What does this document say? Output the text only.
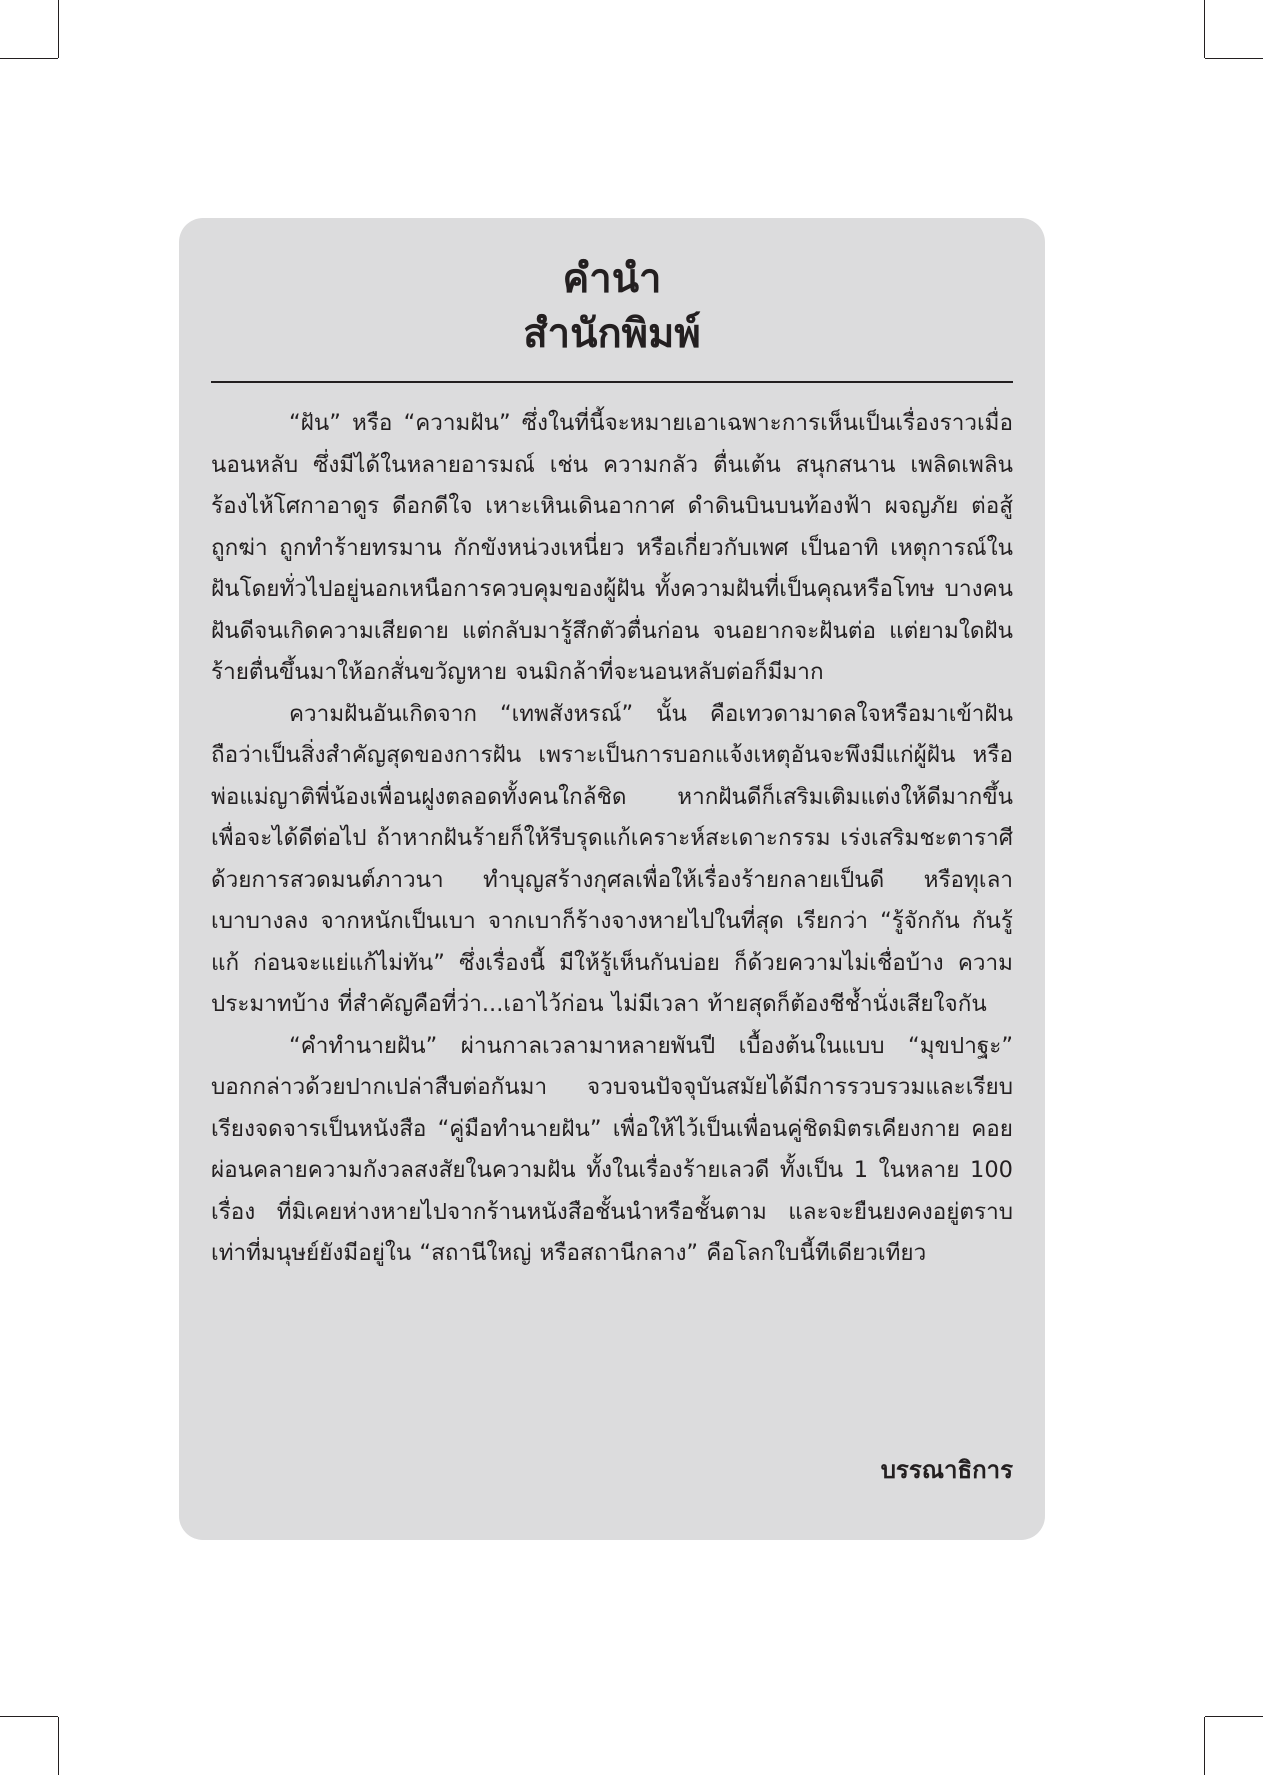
คำนำ
สำนักพิมพ์

“ฝัน” หรือ “ความฝัน” ซึ่งในที่นี้จะหมายเอาเฉพาะการเห็นเป็นเรื่องราวเมื่อนอนหลับ ซึ่งมีได้ในหลายอารมณ์ เช่น ความกลัว ตื่นเต้น สนุกสนาน เพลิดเพลิน ร้องไห้โศกาอาดูร ดีอกดีใจ เหาะเหินเดินอากาศ ดำดินบินบนท้องฟ้า ผจญภัย ต่อสู้ ถูกฆ่า ถูกทำร้ายทรมาน กักขังหน่วงเหนี่ยว หรือเกี่ยวกับเพศ เป็นอาทิ เหตุการณ์ในฝันโดยทั่วไปอยู่นอกเหนือการควบคุมของผู้ฝัน ทั้งความฝันที่เป็นคุณหรือโทษ บางคนฝันดีจนเกิดความเสียดาย แต่กลับมารู้สึกตัวตื่นก่อน จนอยากจะฝันต่อ แต่ยามใดฝันร้ายตื่นขึ้นมาให้อกสั่นขวัญหาย จนมิกล้าที่จะนอนหลับต่อก็มีมาก

ความฝันอันเกิดจาก “เทพสังหรณ์” นั้น คือเทวดามาดลใจหรือมาเข้าฝัน ถือว่าเป็นสิ่งสำคัญสุดของการฝัน เพราะเป็นการบอกแจ้งเหตุอันจะพึงมีแก่ผู้ฝัน หรือพ่อแม่ญาติพี่น้องเพื่อนฝูงตลอดทั้งคนใกล้ชิด หากฝันดีก็เสริมเติมแต่งให้ดีมากขึ้น เพื่อจะได้ดีต่อไป ถ้าหากฝันร้ายก็ให้รีบรุดแก้เคราะห์สะเดาะกรรม เร่งเสริมชะตาราศี ด้วยการสวดมนต์ภาวนา ทำบุญสร้างกุศลเพื่อให้เรื่องร้ายกลายเป็นดี หรือทุเลาเบาบางลง จากหนักเป็นเบา จากเบาก็ร้างจางหายไปในที่สุด เรียกว่า “รู้จักกัน กันรู้แก้ ก่อนจะแย่แก้ไม่ทัน” ซึ่งเรื่องนี้ มีให้รู้เห็นกันบ่อย ก็ด้วยความไม่เชื่อบ้าง ความประมาทบ้าง ที่สำคัญคือที่ว่า...เอาไว้ก่อน ไม่มีเวลา ท้ายสุดก็ต้องชีช้ำนั่งเสียใจกัน

“คำทำนายฝัน” ผ่านกาลเวลามาหลายพันปี เบื้องต้นในแบบ “มุขปาฐะ” บอกกล่าวด้วยปากเปล่าสืบต่อกันมา จวบจนปัจจุบันสมัยได้มีการรวบรวมและเรียบเรียงจดจารเป็นหนังสือ “คู่มือทำนายฝัน” เพื่อให้ไว้เป็นเพื่อนคู่ชิดมิตรเคียงกาย คอยผ่อนคลายความกังวลสงสัยในความฝัน ทั้งในเรื่องร้ายเลวดี ทั้งเป็น 1 ในหลาย 100 เรื่อง ที่มิเคยห่างหายไปจากร้านหนังสือชั้นนำหรือชั้นตาม และจะยืนยงคงอยู่ตราบ เท่าที่มนุษย์ยังมีอยู่ใน “สถานีใหญ่ หรือสถานีกลาง” คือโลกใบนี้ทีเดียวเทียว

บรรณาธิการ
